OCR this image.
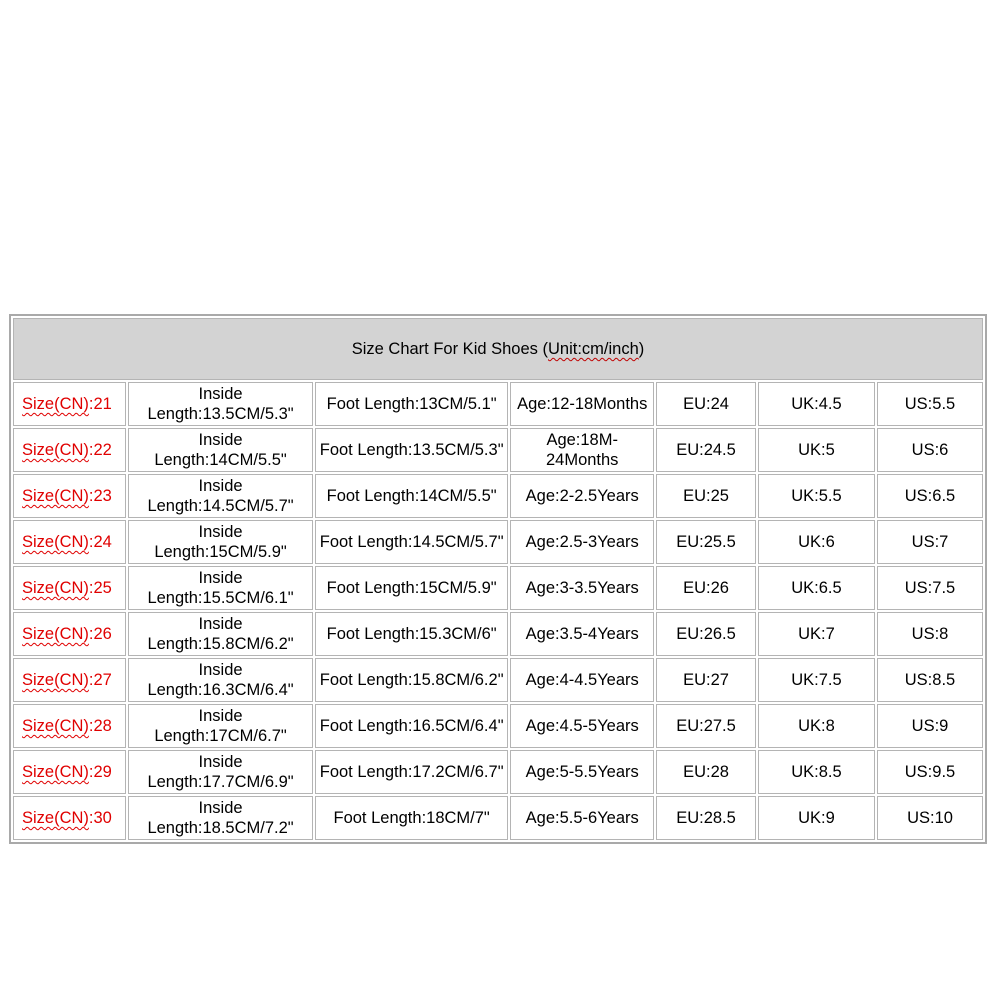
Size Chart For Kid Shoes (Unit:cm/inch)						
Size(CN):21	Inside Length:13.5CM/5.3"	Foot Length:13CM/5.1"	Age:12-18Months	EU:24	UK:4.5	US:5.5
Size(CN):22	Inside Length:14CM/5.5"	Foot Length:13.5CM/5.3"	Age:18M-24Months	EU:24.5	UK:5	US:6
Size(CN):23	Inside Length:14.5CM/5.7"	Foot Length:14CM/5.5"	Age:2-2.5Years	EU:25	UK:5.5	US:6.5
Size(CN):24	Inside Length:15CM/5.9"	Foot Length:14.5CM/5.7"	Age:2.5-3Years	EU:25.5	UK:6	US:7
Size(CN):25	Inside Length:15.5CM/6.1"	Foot Length:15CM/5.9"	Age:3-3.5Years	EU:26	UK:6.5	US:7.5
Size(CN):26	Inside Length:15.8CM/6.2"	Foot Length:15.3CM/6"	Age:3.5-4Years	EU:26.5	UK:7	US:8
Size(CN):27	Inside Length:16.3CM/6.4"	Foot Length:15.8CM/6.2"	Age:4-4.5Years	EU:27	UK:7.5	US:8.5
Size(CN):28	Inside Length:17CM/6.7"	Foot Length:16.5CM/6.4"	Age:4.5-5Years	EU:27.5	UK:8	US:9
Size(CN):29	Inside Length:17.7CM/6.9"	Foot Length:17.2CM/6.7"	Age:5-5.5Years	EU:28	UK:8.5	US:9.5
Size(CN):30	Inside Length:18.5CM/7.2"	Foot Length:18CM/7"	Age:5.5-6Years	EU:28.5	UK:9	US:10
